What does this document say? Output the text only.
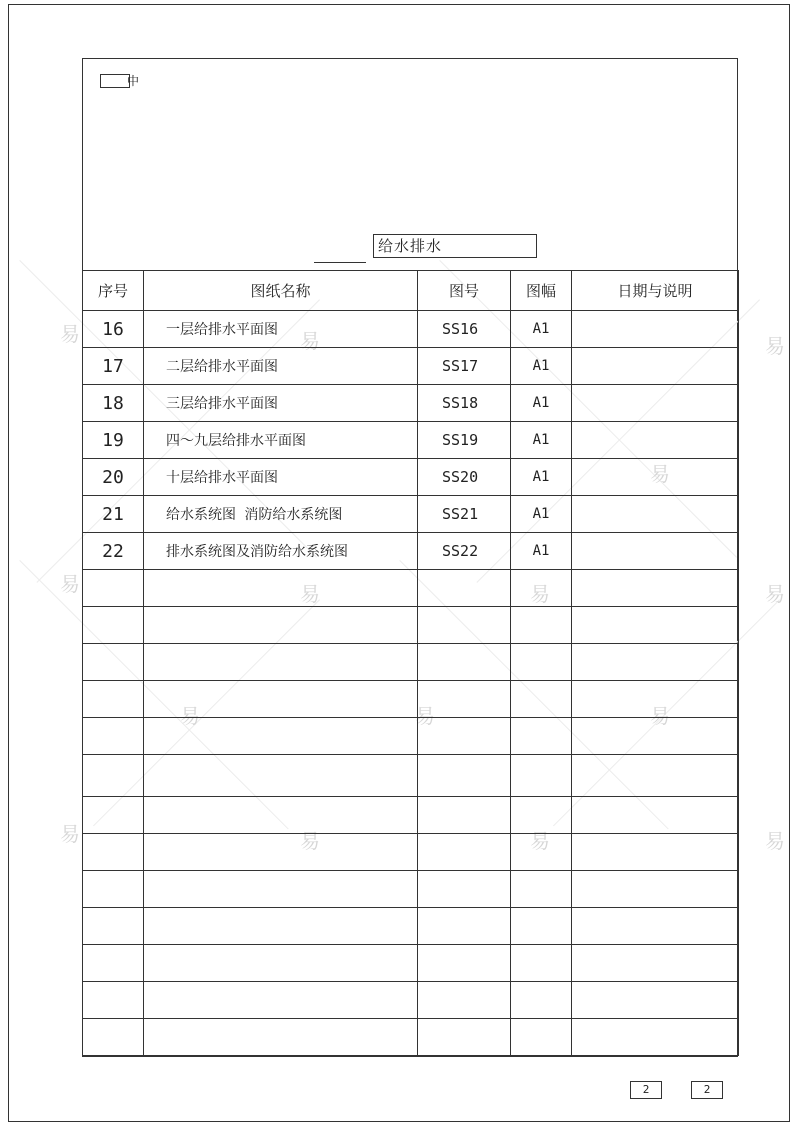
易	易	易
易
易	易	易	易
易	易	易
易	易	易	易
中
给水排水
序号	图纸名称	图号	图幅	日期与说明
16	一层给排水平面图	SS16	A1	
17	二层给排水平面图	SS17	A1	
18	三层给排水平面图	SS18	A1	
19	四～九层给排水平面图	SS19	A1	
20	十层给排水平面图	SS20	A1	
21	给水系统图 消防给水系统图	SS21	A1	
22	排水系统图及消防给水系统图	SS22	A1	

2	2
